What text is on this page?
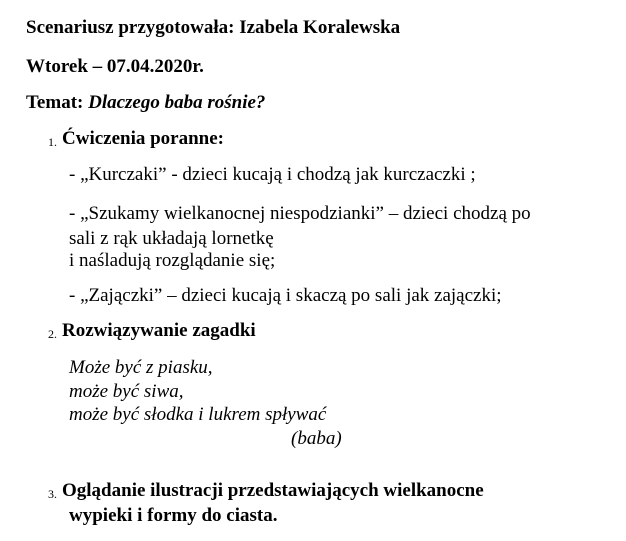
Scenariusz przygotowała: Izabela Koralewska
Wtorek – 07.04.2020r.
Temat: Dlaczego baba rośnie?
1. Ćwiczenia poranne:
- „Kurczaki” - dzieci kucają i chodzą jak kurczaczki ;
- „Szukamy wielkanocnej niespodzianki” – dzieci chodzą po
sali z rąk układają lornetkę
i naśladują rozglądanie się;
- „Zajączki” – dzieci kucają i skaczą po sali jak zajączki;
2. Rozwiązywanie zagadki
Może być z piasku,
może być siwa,
może być słodka i lukrem spływać
(baba)
3. Oglądanie ilustracji przedstawiających wielkanocne
wypieki i formy do ciasta.
